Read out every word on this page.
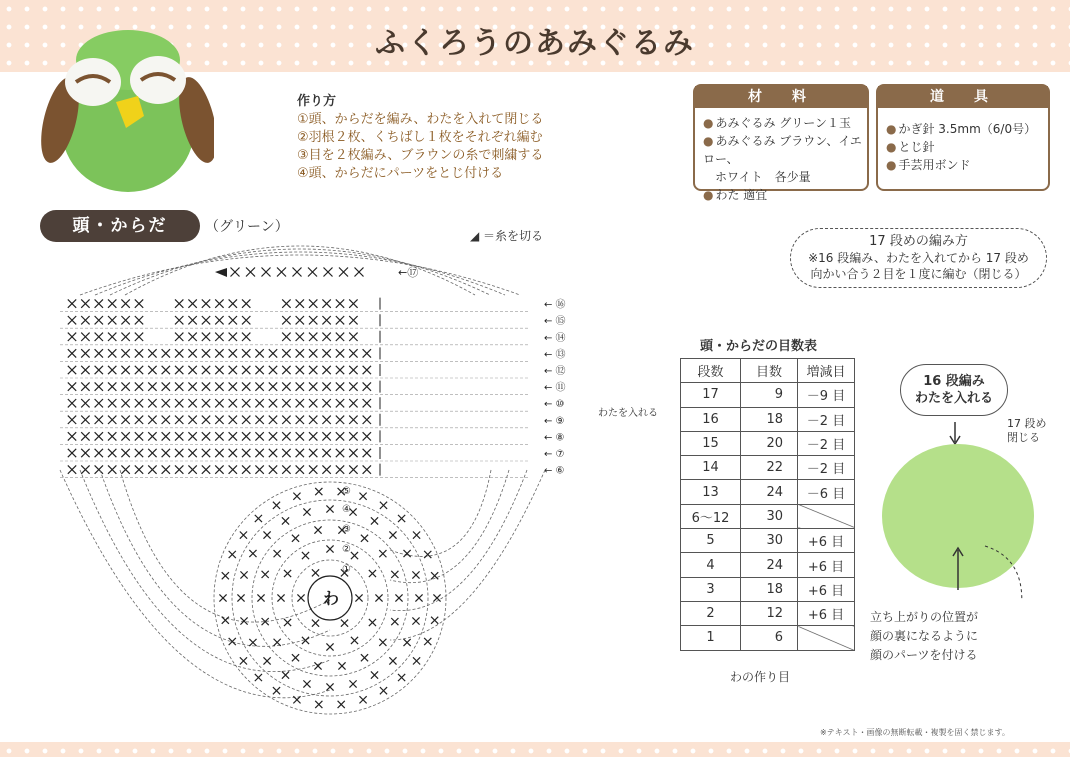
ふくろうのあみぐるみ
作り方
①頭、からだを編み、わたを入れて閉じる
②羽根２枚、くちばし１枚をそれぞれ編む
③目を２枚編み、ブラウンの糸で刺繍する
④頭、からだにパーツをとじ付ける
材　料
● あみぐるみ グリーン１玉
● あみぐるみ ブラウン、イエロー、
ホワイト　各少量
● わた 適宜
道　具
● かぎ針 3.5mm（6/0号）
● とじ針
● 手芸用ボンド
頭・からだ	（グリーン）
◢ ＝糸を切る	17 段めの編み方
※16 段編み、わたを入れてから 17 段め
向かい合う２目を１度に編む（閉じる）
←⑰
← ⑯
← ⑮
← ⑭
← ⑬
← ⑫
← ⑪
← ⑩
← ⑨
← ⑧
← ⑦
← ⑥
わ
①
②
③
④
⑤
わたを入れる
頭・からだの目数表
段数	目数	増減目
17	9	－9 目
16	18	－2 目
15	20	－2 目
14	22	－2 目
13	24	－6 目
6～12	30	
5	30	+6 目
4	24	+6 目
3	18	+6 目
2	12	+6 目
1	6	
わの作り目
16 段編み
わたを入れる
17 段め
閉じる
立ち上がりの位置が
顔の裏になるように
顔のパーツを付ける
※テキスト・画像の無断転載・複製を固く禁じます。
